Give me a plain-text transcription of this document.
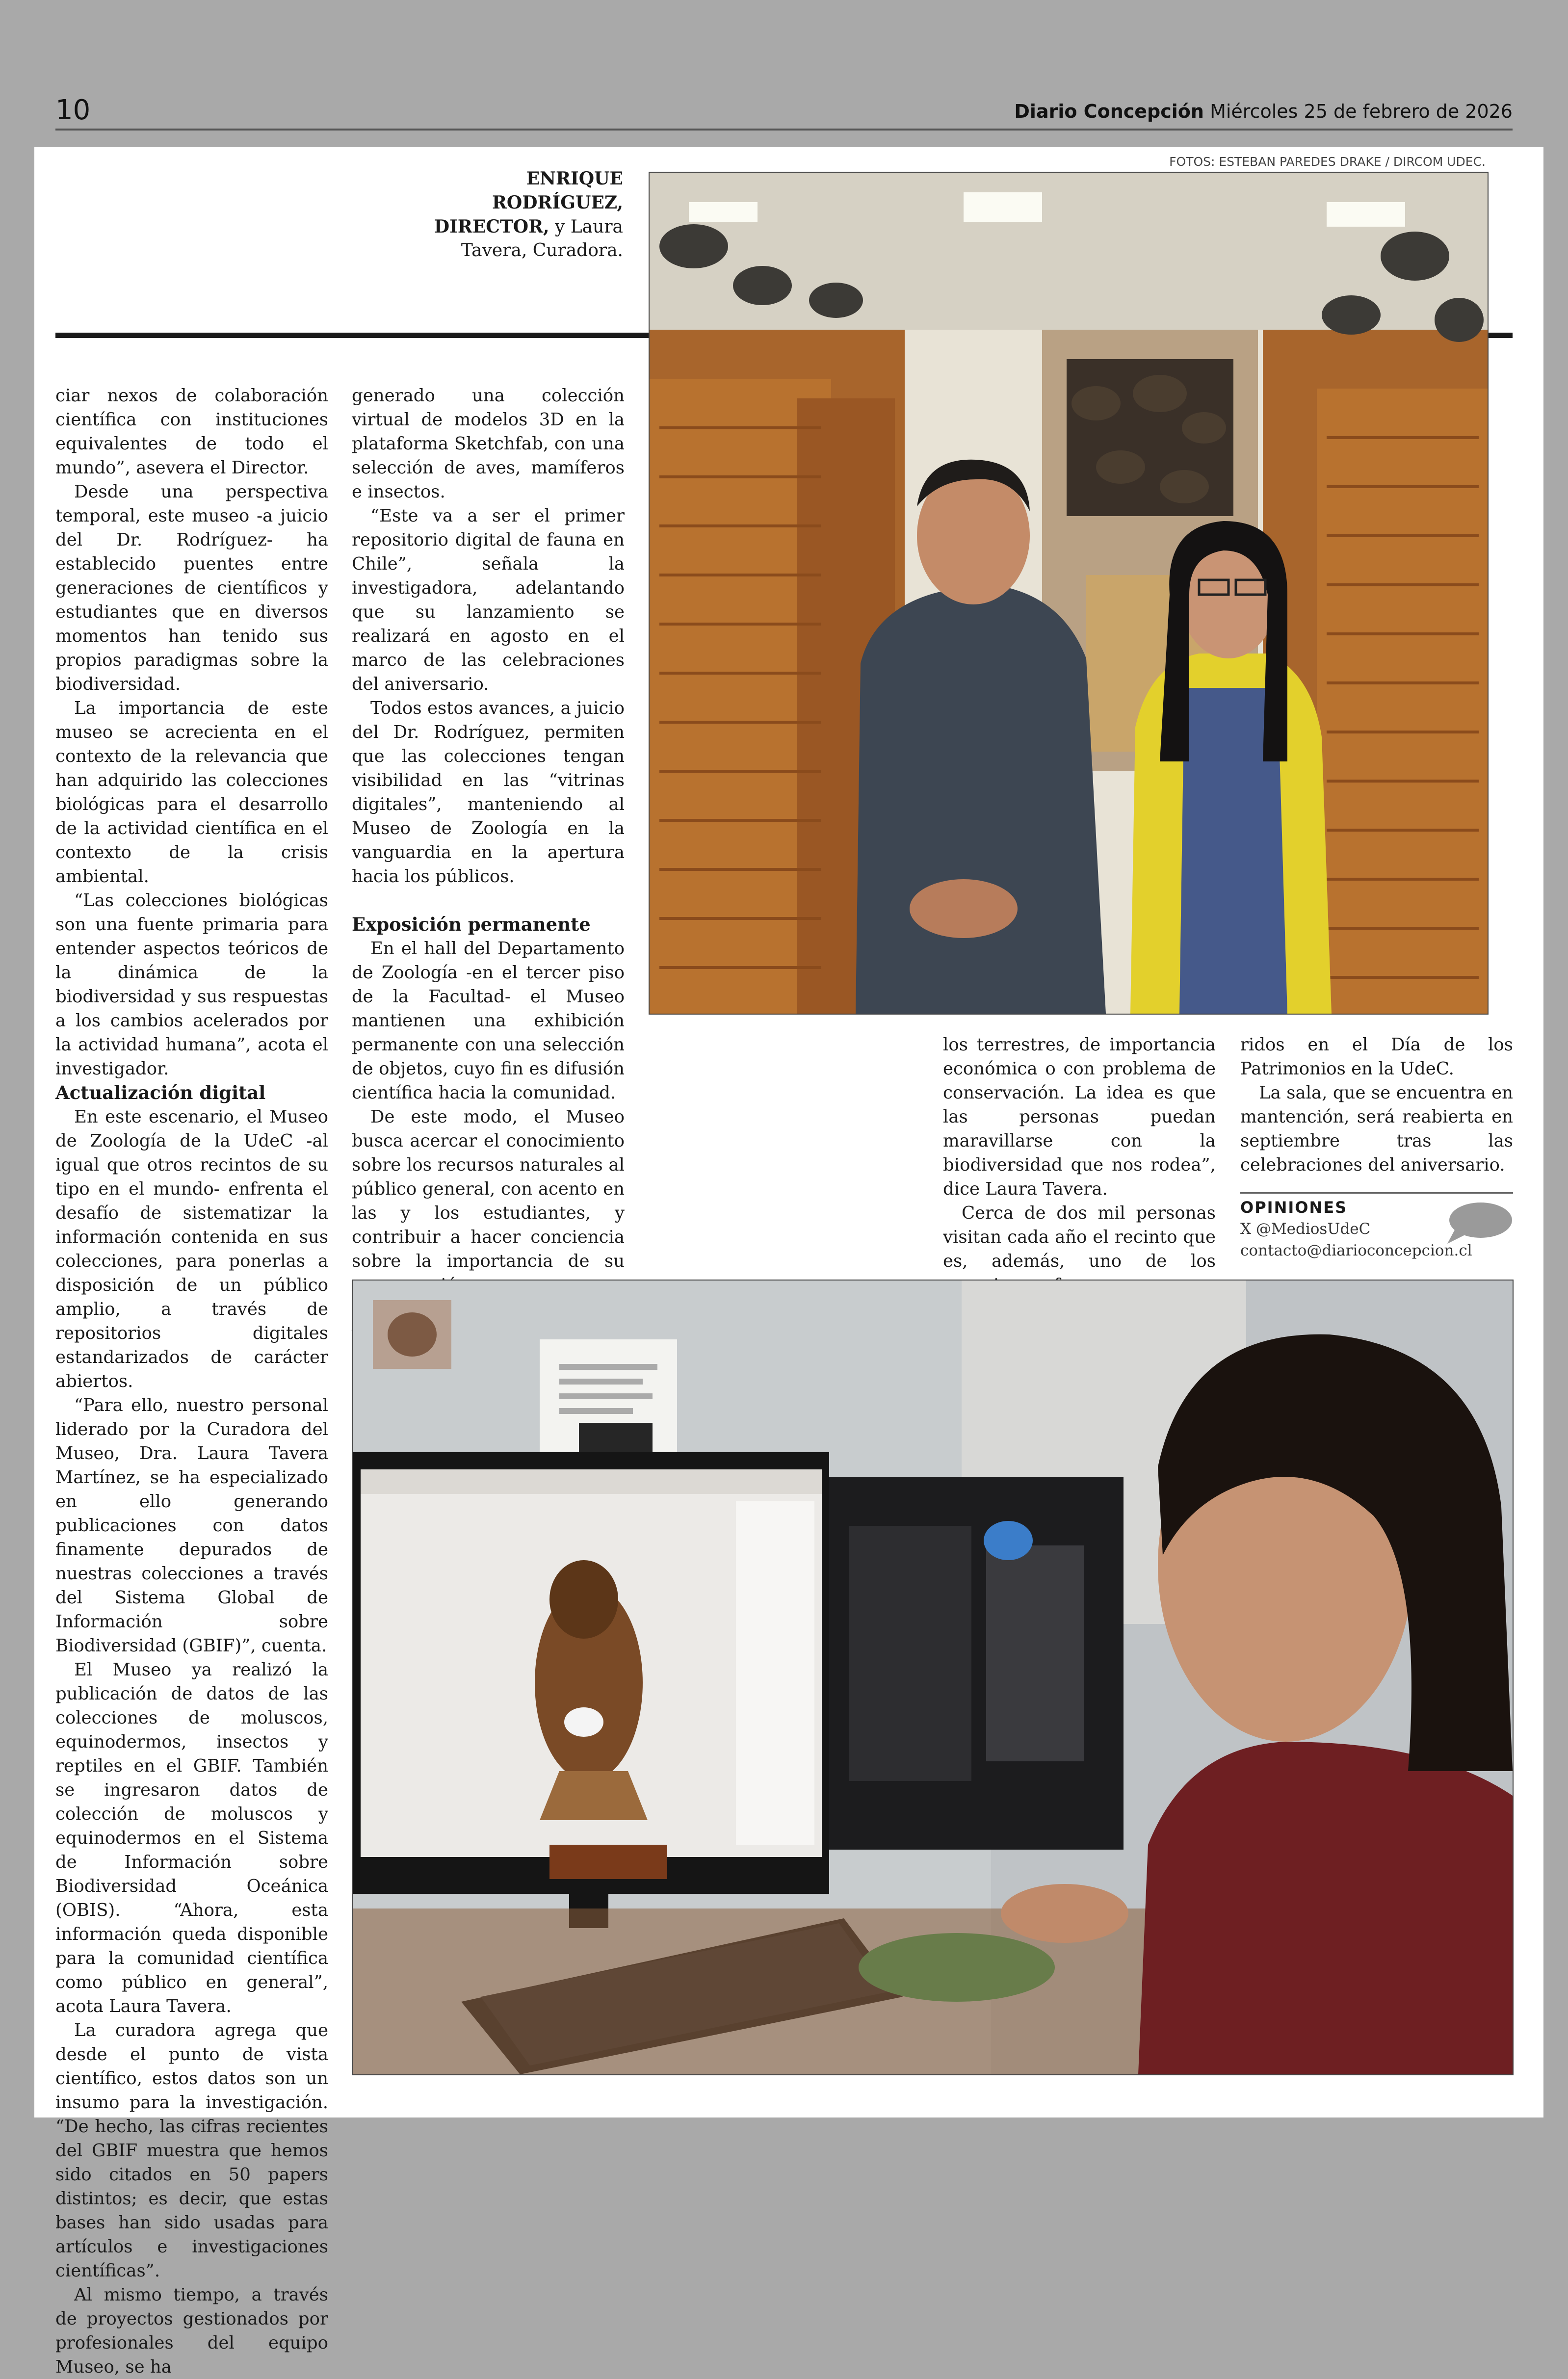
10	Diario Concepción Miércoles 25 de febrero de 2026
FOTOS: ESTEBAN PAREDES DRAKE / DIRCOM UDEC.
ENRIQUE RODRÍGUEZ, DIRECTOR, y Laura Tavera, Curadora.

ciar nexos de colaboración científica con instituciones equivalentes de todo el mundo”, asevera el Director.

Desde una perspectiva temporal, este museo -a juicio del Dr. Rodríguez- ha establecido puentes entre generaciones de científicos y estudiantes que en diversos momentos han tenido sus propios paradigmas sobre la biodiversidad.

La importancia de este museo se acrecienta en el contexto de la relevancia que han adquirido las colecciones biológicas para el desarrollo de la actividad científica en el contexto de la crisis ambiental.

“Las colecciones biológicas son una fuente primaria para entender aspectos teóricos de la dinámica de la biodiversidad y sus respuestas a los cambios acelerados por la actividad humana”, acota el investigador.

Actualización digital

En este escenario, el Museo de Zoología de la UdeC -al igual que otros recintos de su tipo en el mundo- enfrenta el desafío de sistematizar la información contenida en sus colecciones, para ponerlas a disposición de un público amplio, a través de repositorios digitales estandarizados de carácter abiertos.

“Para ello, nuestro personal liderado por la Curadora del Museo, Dra. Laura Tavera Martínez, se ha especializado en ello generando publicaciones con datos finamente depurados de nuestras colecciones a través del Sistema Global de Información sobre Biodiversidad (GBIF)”, cuenta.

El Museo ya realizó la publicación de datos de las colecciones de moluscos, equinodermos, insectos y reptiles en el GBIF. También se ingresaron datos de colección de moluscos y equinodermos en el Sistema de Información sobre Biodiversidad Oceánica (OBIS). “Ahora, esta información queda disponible para la comunidad científica como público en general”, acota Laura Tavera.

La curadora agrega que desde el punto de vista científico, estos datos son un insumo para la investigación. “De hecho, las cifras recientes del GBIF muestra que hemos sido citados en 50 papers distintos; es decir, que estas bases han sido usadas para artículos e investigaciones científicas”.

Al mismo tiempo, a través de proyectos gestionados por profesionales del equipo Museo, se ha

generado una colección virtual de modelos 3D en la plataforma Sketchfab, con una selección de aves, mamíferos e insectos.

“Este va a ser el primer repositorio digital de fauna en Chile”, señala la investigadora, adelantando que su lanzamiento se realizará en agosto en el marco de las celebraciones del aniversario.

Todos estos avances, a juicio del Dr. Rodríguez, permiten que las colecciones tengan visibilidad en las “vitrinas digitales”, manteniendo al Museo de Zoología en la vanguardia en la apertura hacia los públicos.

Exposición permanente

En el hall del Departamento de Zoología -en el tercer piso de la Facultad- el Museo mantienen una exhibición permanente con una selección de objetos, cuyo fin es difusión científica hacia la comunidad.

De este modo, el Museo busca acercar el conocimiento sobre los recursos naturales al público general, con acento en las y los estudiantes, y contribuir a hacer conciencia sobre la importancia de su

los terrestres, de importancia económica o con problema de conservación. La idea es que las personas puedan maravillarse con la biodiversidad que nos rodea”, dice Laura Tavera.

Cerca de dos mil personas visitan cada año el recinto que es, además, uno de los

ridos en el Día de los Patrimonios en la UdeC.

La sala, que se encuentra en mantención, será reabierta en septiembre tras las celebraciones del aniversario.

OPINIONES
X @MediosUdeC
contacto@diarioconcepcion.cl
